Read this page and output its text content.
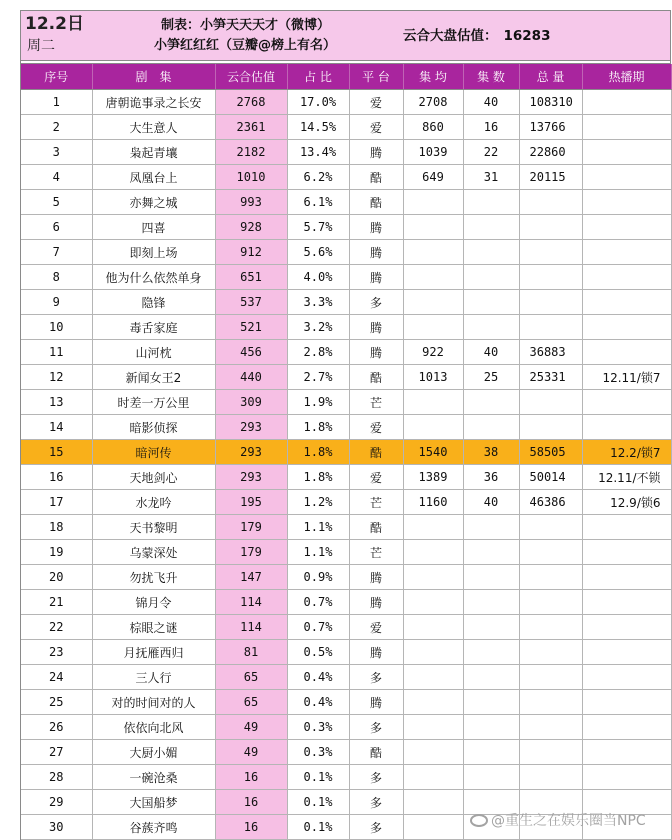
12.2日
周二
制表：小笋天天天才（微博）
小笋红红红（豆瓣@榜上有名）
云合大盘估值： 16283
序号	剧　集	云合估值	占 比	平 台	集 均	集 数	总 量	热播期
1	唐朝诡事录之长安	2768	17.0%	爱	2708	40	108310	
2	大生意人	2361	14.5%	爱	860	16	13766	
3	枭起青壤	2182	13.4%	腾	1039	22	22860	
4	凤凰台上	1010	6.2%	酷	649	31	20115	
5	亦舞之城	993	6.1%	酷				
6	四喜	928	5.7%	腾				
7	即刻上场	912	5.6%	腾				
8	他为什么依然单身	651	4.0%	腾				
9	隐锋	537	3.3%	多				
10	毒舌家庭	521	3.2%	腾				
11	山河枕	456	2.8%	腾	922	40	36883	
12	新闻女王2	440	2.7%	酷	1013	25	25331	12.11/锁7
13	时差一万公里	309	1.9%	芒				
14	暗影侦探	293	1.8%	爱				
15	暗河传	293	1.8%	酷	1540	38	58505	12.2/锁7
16	天地剑心	293	1.8%	爱	1389	36	50014	12.11/不锁
17	水龙吟	195	1.2%	芒	1160	40	46386	12.9/锁6
18	天书黎明	179	1.1%	酷				
19	乌蒙深处	179	1.1%	芒				
20	勿扰飞升	147	0.9%	腾				
21	锦月令	114	0.7%	腾				
22	棕眼之谜	114	0.7%	爱				
23	月抚雁西归	81	0.5%	腾				
24	三人行	65	0.4%	多				
25	对的时间对的人	65	0.4%	腾				
26	依依向北风	49	0.3%	多				
27	大厨小媚	49	0.3%	酷				
28	一碗沧桑	16	0.1%	多				
29	大国船梦	16	0.1%	多				
30	谷蔟齐鸣	16	0.1%	多					@重生之在娱乐圈当NPC
